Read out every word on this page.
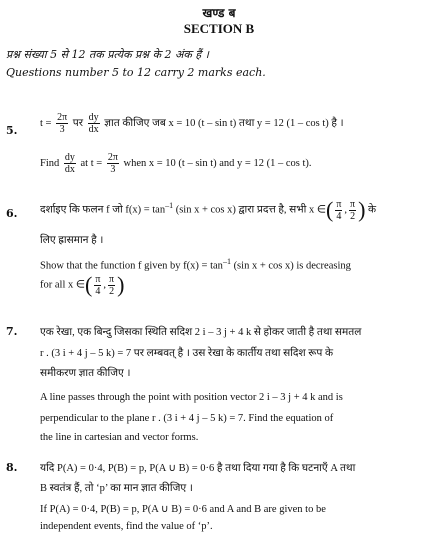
खण्ड ब
SECTION B
प्रश्न संख्या 5 से 12 तक प्रत्येक प्रश्न के 2 अंक हैं ।
Questions number 5 to 12 carry 2 marks each.
5.
$t = \frac{2\pi}{3}$ पर $\frac{dy}{dx}$ ज्ञात कीजिए जब x = 10 (t – sin t) तथा y = 12 (1 – cos t) है ।
Find $\frac{dy}{dx}$ at $t = \frac{2\pi}{3}$ when x = 10 (t – sin t) and y = 12 (1 – cos t).
6. दर्शाइए कि फलन f जो $f(x) = \tan^{-1} (\sin$ x + cos x) द्वारा प्रदत्त है, सभी x ∈( $\frac{\pi}{4}$ , $\frac{\pi}{2}$ ) के
लिए ह्रासमान है ।
Show that the function f given by $f(x) = \tan^{-1} (\sin$ x + cos x) is decreasing
for all x ∈( $\frac{\pi}{4}$ , $\frac{\pi}{2}$ )
7. एक रेखा, एक बिन्दु जिसका स्थिति सदिश 2 i – 3 j + 4 k से होकर जाती है तथा समतल
r . (3 i + 4 j – 5 k) = 7 पर लम्बवत् है । उस रेखा के कार्तीय तथा सदिश रूप के
समीकरण ज्ञात कीजिए ।
A line passes through the point with position vector 2 i – 3 j + 4 k and is
perpendicular to the plane r . (3 i + 4 j – 5 k) = 7. Find the equation of
the line in cartesian and vector forms.
8. यदि P(A) = 0·4, P(B) = p, P(A ∪ B) = 0·6 है तथा दिया गया है कि घटनाएँ A तथा
B स्वतंत्र हैं, तो ‘p’ का मान ज्ञात कीजिए ।
If P(A) = 0·4, P(B) = p, P(A ∪ B) = 0·6 and A and B are given to be
independent events, find the value of ‘p’.
